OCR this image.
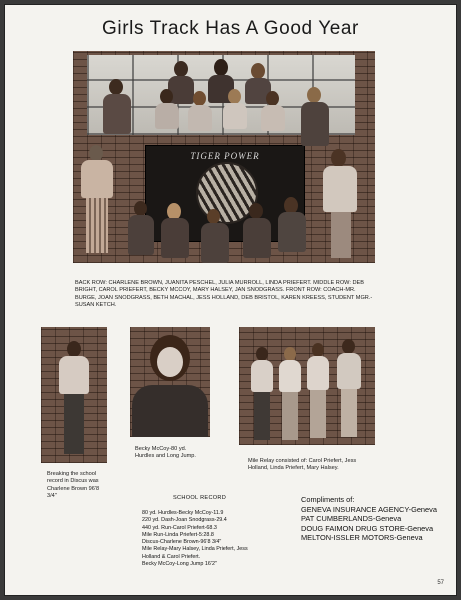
Girls Track Has A Good Year
TIGER POWER
BACK ROW: CHARLENE BROWN, JUANITA PESCHEL, JULIA MURROLL, LINDA PRIEFERT. MIDDLE ROW: DEB BRIGHT, CAROL PRIEFERT, BECKY MCCOY, MARY HALSEY, JAN SNODGRASS. FRONT ROW: COACH-MR. BURGE, JOAN SNODGRASS, BETH MACHAL, JESS HOLLAND, DEB BRISTOL, KAREN KREESS, STUDENT MGR.-SUSAN KETCH.
Breaking the school
record in Discus was
Charlene Brown 96'8
3/4"
Becky McCoy-80 yd.
Hurdles and Long Jump.
Mile Relay consisted of: Carol Priefert, Jess
Holland, Linda Priefert, Mary Halsey.
SCHOOL RECORD
80 yd. Hurdles-Becky McCoy-11.9
220 yd. Dash-Joan Snodgrass-29.4
440 yd. Run-Carol Priefert-68.3
Mile Run-Linda Priefert-5:28.8
Discus-Charlene Brown-96'8 3/4"
Mile Relay-Mary Halsey, Linda Priefert, Jess
Holland & Carol Priefert.
Becky McCoy-Long Jump 16'2"
Compliments of:
GENEVA INSURANCE AGENCY-Geneva
PAT CUMBERLANDS-Geneva
DOUG FAIMON DRUG STORE-Geneva
MELTON-ISSLER MOTORS-Geneva
57
